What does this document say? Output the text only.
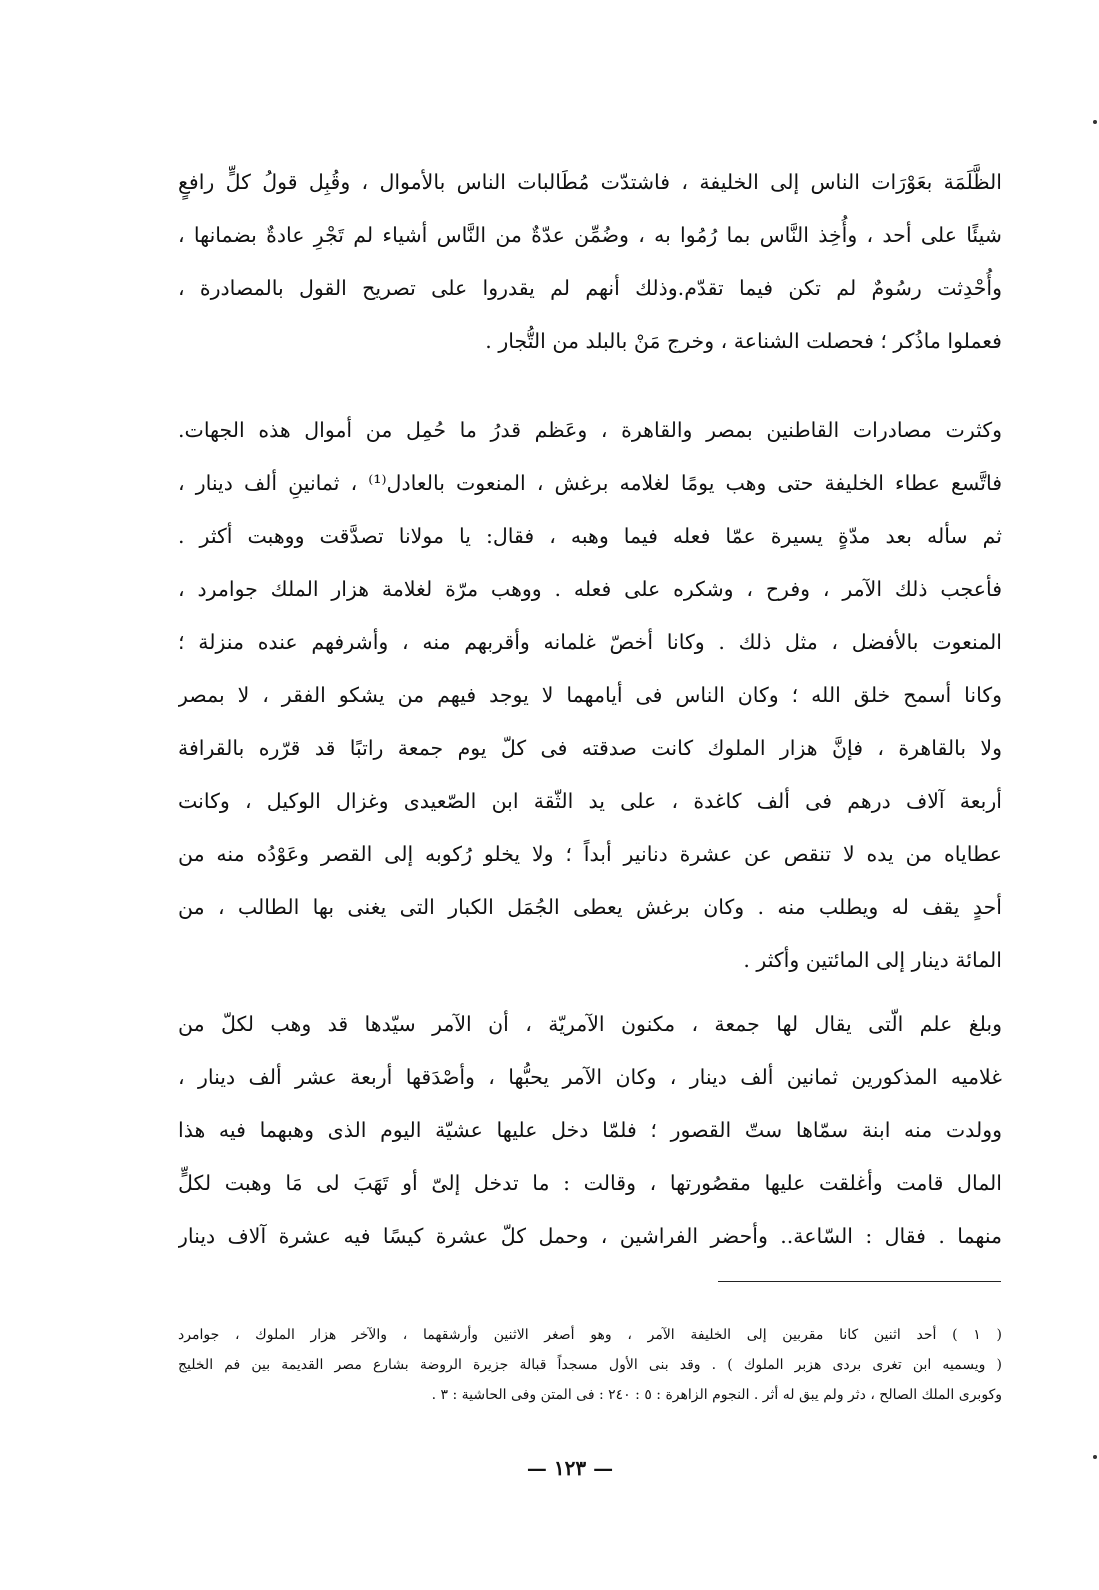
الظَّلَمَة بعَوْرَات الناس إلى الخليفة ، فاشتدّت مُطَالبات الناس بالأموال ، وقُبِل قولُ كلٍّ رافعٍ
شيئًا على أحد ، وأُخِذ النَّاس بما رُمُوا به ، وضُمِّن عدّةٌ من النَّاس أشياء لم تَجْرِ عادةٌ بضمانها ،
وأُحْدِثت رسُومٌ لم تكن فيما تقدّم.وذلك أنهم لم يقدروا على تصريح القول بالمصادرة ،
فعملوا ماذُكر ؛ فحصلت الشناعة ، وخرج مَنْ بالبلد من التُّجار .
وكثرت مصادرات القاطنين بمصر والقاهرة ، وعَظم قدرُ ما حُمِل من أموال هذه الجهات.
فاتَّسع عطاء الخليفة حتى وهب يومًا لغلامه برغش ، المنعوت بالعادل⁽¹⁾ ، ثمانينِ ألف دينار ،
ثم سأله بعد مدّةٍ يسيرة عمّا فعله فيما وهبه ، فقال: يا مولانا تصدَّقت ووهبت أكثر .
فأعجب ذلك الآمر ، وفرح ، وشكره على فعله . ووهب مرّة لغلامة هزار الملك جوامرد ،
المنعوت بالأفضل ، مثل ذلك . وكانا أخصّ غلمانه وأقربهم منه ، وأشرفهم عنده منزلة ؛
وكانا أسمح خلق الله ؛ وكان الناس فى أيامهما لا يوجد فيهم من يشكو الفقر ، لا بمصر
ولا بالقاهرة ، فإنَّ هزار الملوك كانت صدقته فى كلّ يوم جمعة راتبًا قد قرّره بالقرافة
أربعة آلاف درهم فى ألف كاغدة ، على يد الثّقة ابن الصّعيدى وغزال الوكيل ، وكانت
عطاياه من يده لا تنقص عن عشرة دنانير أبداً ؛ ولا يخلو رُكوبه إلى القصر وعَوْدُه منه من
أحدٍ يقف له ويطلب منه . وكان برغش يعطى الجُمَل الكبار التى يغنى بها الطالب ، من
المائة دينار إلى المائتين وأكثر .
وبلغ علم الّتى يقال لها جمعة ، مكنون الآمريّة ، أن الآمر سيّدها قد وهب لكلّ من
غلاميه المذكورين ثمانين ألف دينار ، وكان الآمر يحبُّها ، وأصْدَقها أربعة عشر ألف دينار ،
وولدت منه ابنة سمّاها ستّ القصور ؛ فلمّا دخل عليها عشيّة اليوم الذى وهبهما فيه هذا
المال قامت وأغلقت عليها مقصُورتها ، وقالت : ما تدخل إلىّ أو تَهَبَ لى مَا وهبت لكلٍّ
منهما . فقال : السّاعة.. وأحضر الفراشين ، وحمل كلّ عشرة كيسًا فيه عشرة آلاف دينار
( ١ ) أحد اثنين كانا مقربين إلى الخليفة الآمر ، وهو أصغر الاثنين وأرشقهما ، والآخر هزار الملوك ، جوامرد
( ويسميه ابن تغرى بردى هزبر الملوك ) . وقد بنى الأول مسجداً قبالة جزيرة الروضة بشارع مصر القديمة بين فم الخليج
وكوبرى الملك الصالح ، دثر ولم يبق له أثر . النجوم الزاهرة : ٥ : ٢٤٠ : فى المتن وفى الحاشية : ٣ .
— ١٢٣ —
